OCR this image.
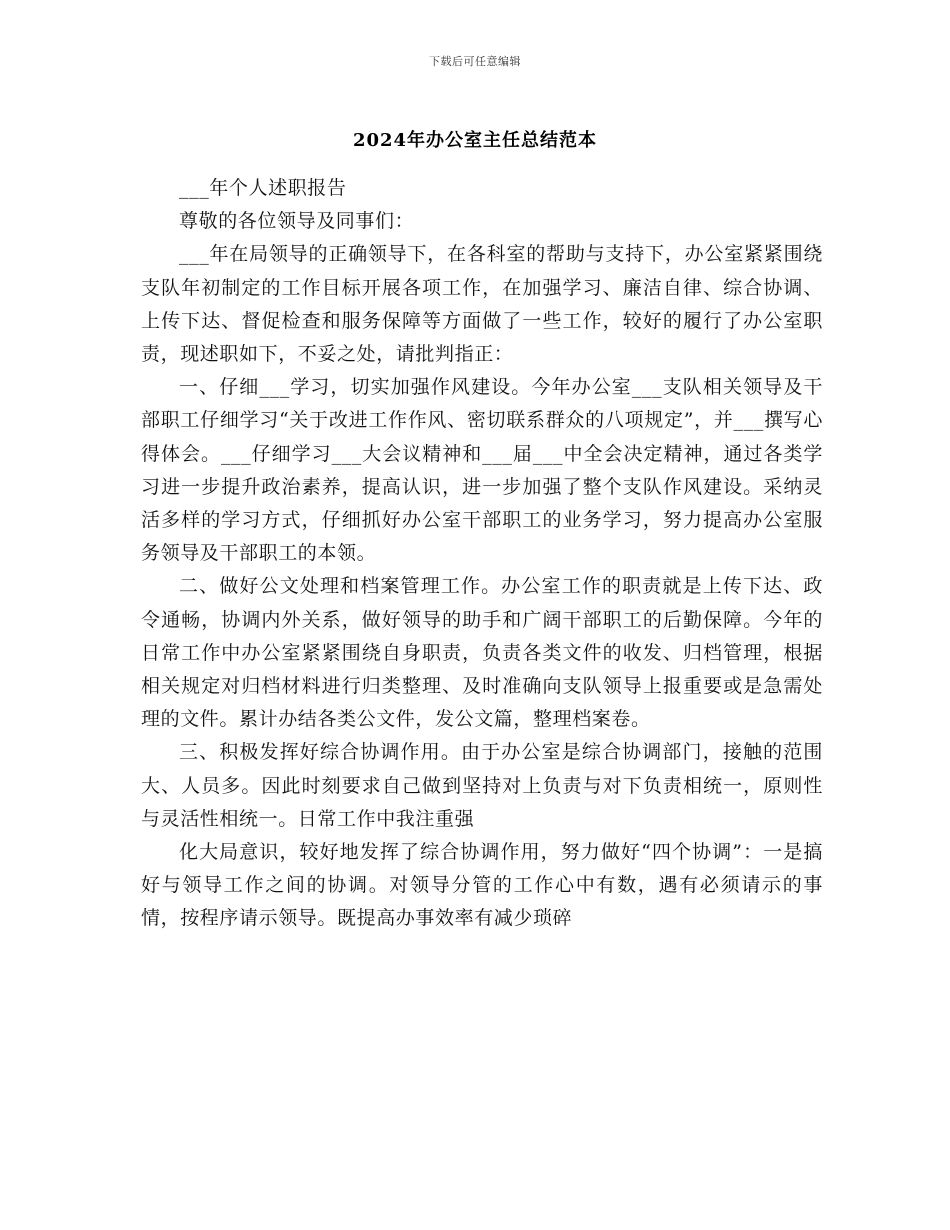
下载后可任意编辑
2024年办公室主任总结范本

___年个人述职报告

尊敬的各位领导及同事们：

___年在局领导的正确领导下，在各科室的帮助与支持下，办公室紧紧围绕支队年初制定的工作目标开展各项工作，在加强学习、廉洁自律、综合协调、上传下达、督促检查和服务保障等方面做了一些工作，较好的履行了办公室职责，现述职如下，不妥之处，请批判指正：

一、仔细___学习，切实加强作风建设。今年办公室___支队相关领导及干部职工仔细学习“关于改进工作作风、密切联系群众的八项规定”，并___撰写心得体会。___仔细学习___大会议精神和___届___中全会决定精神，通过各类学习进一步提升政治素养，提高认识，进一步加强了整个支队作风建设。采纳灵活多样的学习方式，仔细抓好办公室干部职工的业务学习，努力提高办公室服务领导及干部职工的本领。

二、做好公文处理和档案管理工作。办公室工作的职责就是上传下达、政令通畅，协调内外关系，做好领导的助手和广阔干部职工的后勤保障。今年的日常工作中办公室紧紧围绕自身职责，负责各类文件的收发、归档管理，根据相关规定对归档材料进行归类整理、及时准确向支队领导上报重要或是急需处理的文件。累计办结各类公文件，发公文篇，整理档案卷。

三、积极发挥好综合协调作用。由于办公室是综合协调部门，接触的范围大、人员多。因此时刻要求自己做到坚持对上负责与对下负责相统一，原则性与灵活性相统一。日常工作中我注重强

化大局意识，较好地发挥了综合协调作用，努力做好“四个协调”：一是搞好与领导工作之间的协调。对领导分管的工作心中有数，遇有必须请示的事情，按程序请示领导。既提高办事效率有减少琐碎
